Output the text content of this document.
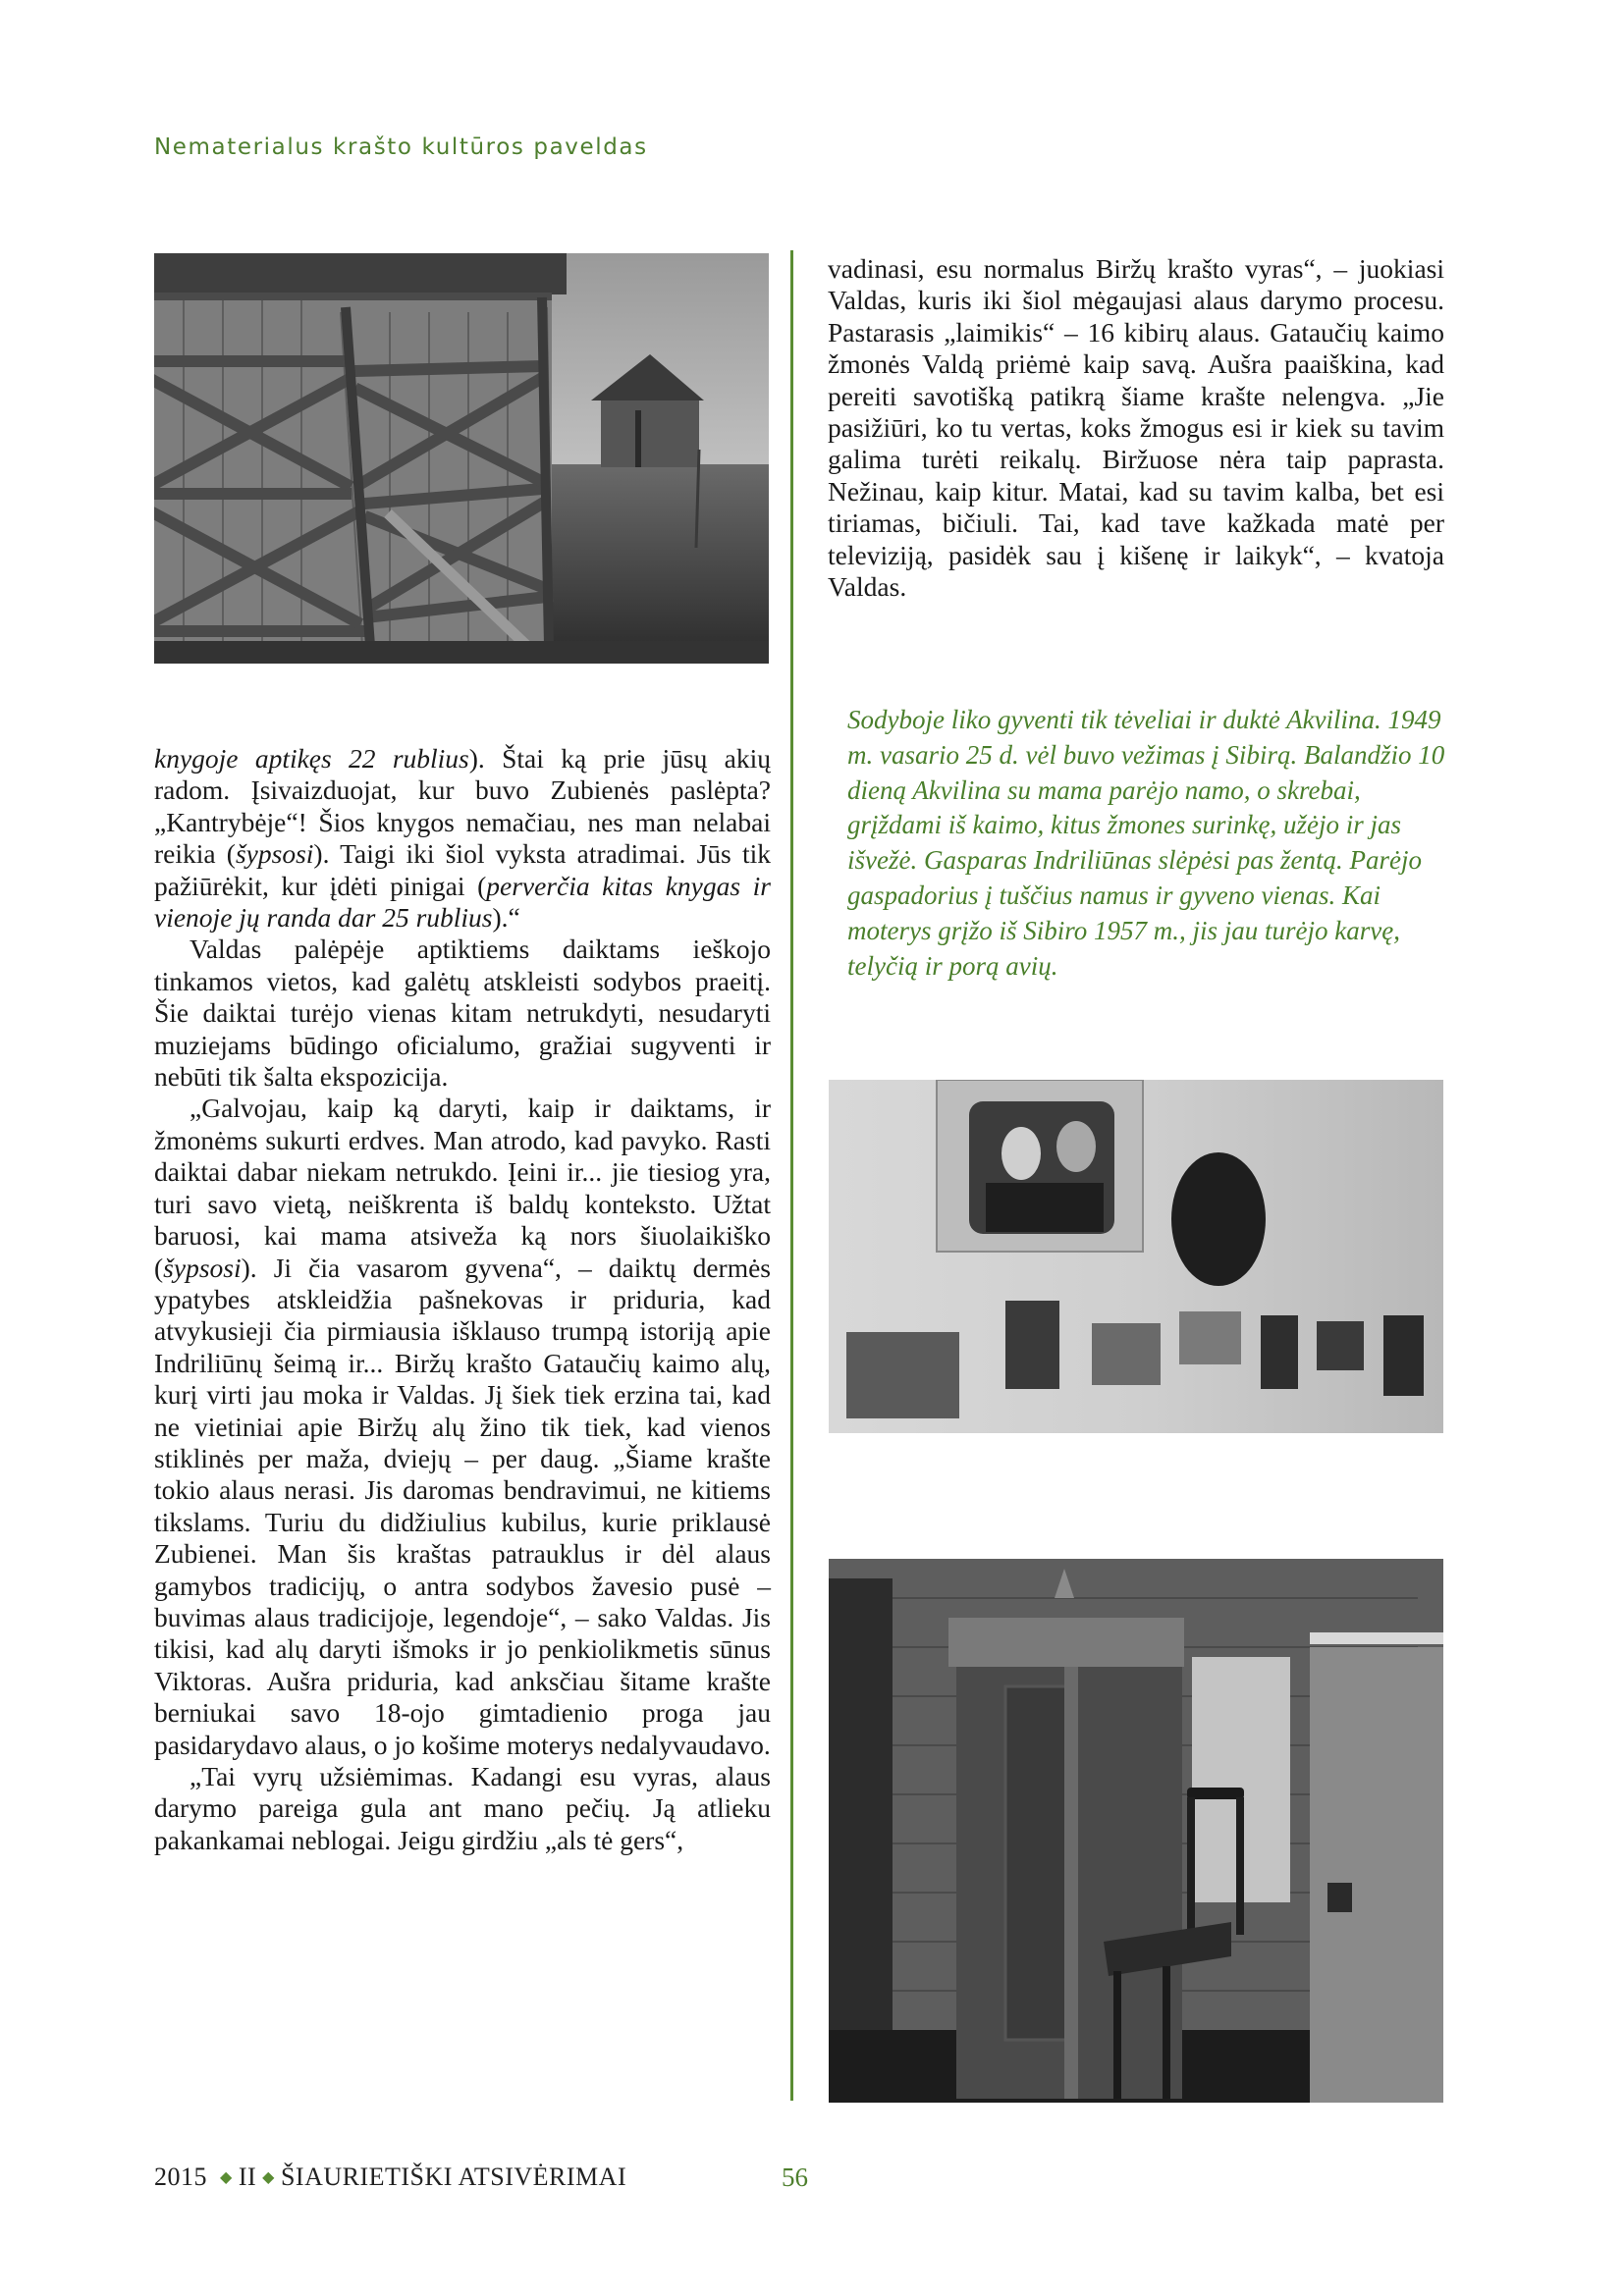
Nematerialus krašto kultūros paveldas

vadinasi, esu normalus Biržų krašto vyras“, – juokiasi Valdas, kuris iki šiol mėgaujasi alaus darymo procesu. Pastarasis „laimikis“ – 16 kibirų alaus. Gataučių kaimo žmonės Valdą priėmė kaip savą. Aušra paaiškina, kad pereiti savotišką patikrą šiame krašte nelengva. „Jie pasižiūri, ko tu vertas, koks žmogus esi ir kiek su tavim galima turėti reikalų. Biržuose nėra taip paprasta. Nežinau, kaip kitur. Matai, kad su tavim kalba, bet esi tiriamas, bičiuli. Tai, kad tave kažkada matė per televiziją, pasidėk sau į kišenę ir laikyk“, – kvatoja Valdas.

Sodyboje liko gyventi tik tėveliai ir duktė Akvilina. 1949 m. vasario 25 d. vėl buvo vežimas į Sibirą. Balandžio 10 dieną Akvilina su mama parėjo namo, o skrebai, grįždami iš kaimo, kitus žmones surinkę, užėjo ir jas išvežė. Gasparas Indriliūnas slėpėsi pas žentą. Parėjo gaspadorius į tuščius namus ir gyveno vienas. Kai moterys grįžo iš Sibiro 1957 m., jis jau turėjo karvę, telyčią ir porą avių.

knygoje aptikęs 22 rublius). Štai ką prie jūsų akių radom. Įsivaizduojat, kur buvo Zubienės paslėpta? „Kantrybėje“! Šios knygos nemačiau, nes man nelabai reikia (šypsosi). Taigi iki šiol vyksta atradimai. Jūs tik pažiūrėkit, kur įdėti pinigai (perverčia kitas knygas ir vienoje jų randa dar 25 rublius).“

Valdas palėpėje aptiktiems daiktams ieškojo tinkamos vietos, kad galėtų atskleisti sodybos praeitį. Šie daiktai turėjo vienas kitam netrukdyti, nesudaryti muziejams būdingo oficialumo, gražiai sugyventi ir nebūti tik šalta ekspozicija.

„Galvojau, kaip ką daryti, kaip ir daiktams, ir žmonėms sukurti erdves. Man atrodo, kad pavyko. Rasti daiktai dabar niekam netrukdo. Įeini ir... jie tiesiog yra, turi savo vietą, neiškrenta iš baldų konteksto. Užtat baruosi, kai mama atsiveža ką nors šiuolaikiško (šypsosi). Ji čia vasarom gyvena“, – daiktų dermės ypatybes atskleidžia pašnekovas ir priduria, kad atvykusieji čia pirmiausia išklauso trumpą istoriją apie Indriliūnų šeimą ir... Biržų krašto Gataučių kaimo alų, kurį virti jau moka ir Valdas. Jį šiek tiek erzina tai, kad ne vietiniai apie Biržų alų žino tik tiek, kad vienos stiklinės per maža, dviejų – per daug. „Šiame krašte tokio alaus nerasi. Jis daromas bendravimui, ne kitiems tikslams. Turiu du didžiulius kubilus, kurie priklausė Zubienei. Man šis kraštas patrauklus ir dėl alaus gamybos tradicijų, o antra sodybos žavesio pusė – buvimas alaus tradicijoje, legendoje“, – sako Valdas. Jis tikisi, kad alų daryti išmoks ir jo penkiolikmetis sūnus Viktoras. Aušra priduria, kad anksčiau šitame krašte berniukai savo 18-ojo gimtadienio proga jau pasidarydavo alaus, o jo košime moterys nedalyvaudavo.

„Tai vyrų užsiėmimas. Kadangi esu vyras, alaus darymo pareiga gula ant mano pečių. Ją atlieku pakankamai neblogai. Jeigu girdžiu „als tė gers“,

2015 ◆ II ◆ ŠIAURIETIŠKI ATSIVĖRIMAI	56
